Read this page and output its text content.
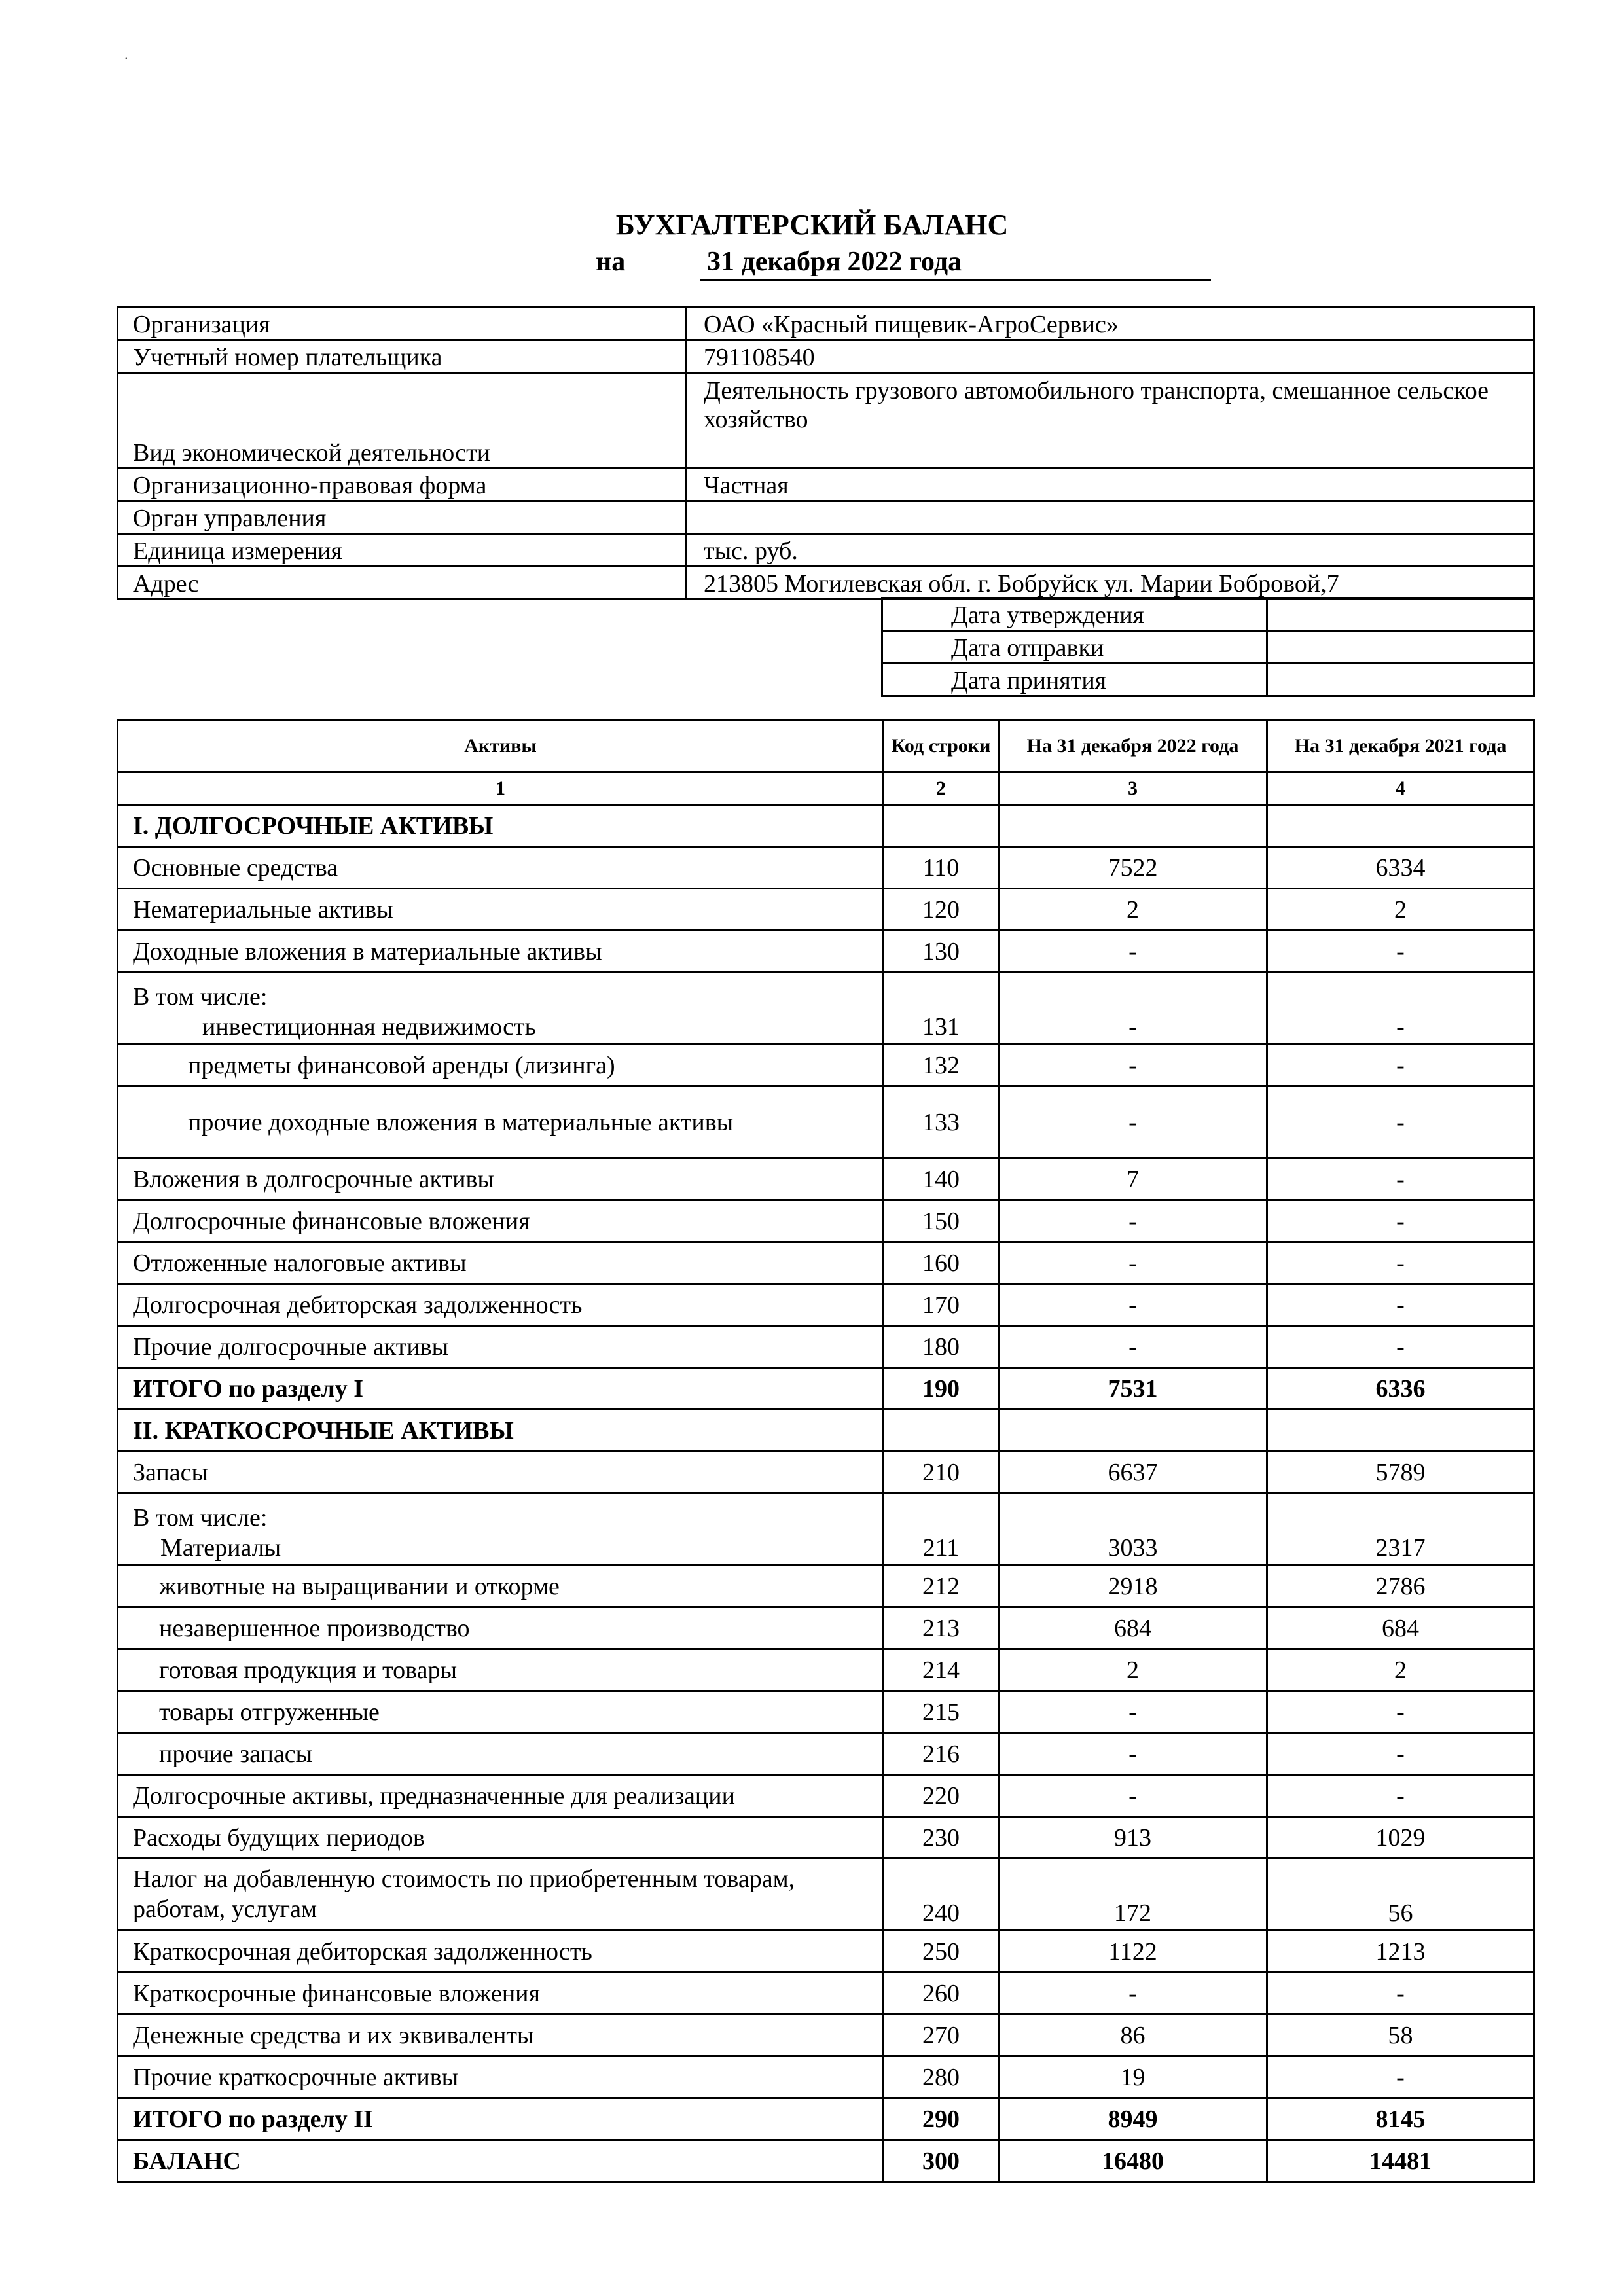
.
БУХГАЛТЕРСКИЙ БАЛАНС
на	31 декабря 2022 года
Организация	ОАО «Красный пищевик-АгроСервис»
Учетный номер плательщика	791108540
Вид экономической деятельности	Деятельность грузового автомобильного транспорта, смешанное сельское хозяйство
Организационно-правовая форма	Частная
Орган управления	
Единица измерения	тыс. руб.
Адрес	213805 Могилевская обл. г. Бобруйск ул. Марии Бобровой,7
Дата утверждения	
Дата отправки	
Дата принятия	
Активы	Код строки	На 31 декабря 2022 года	На 31 декабря 2021 года
1	2	3	4
I. ДОЛГОСРОЧНЫЕ АКТИВЫ			
Основные средства	110	7522	6334
Нематериальные активы	120	2	2
Доходные вложения в материальные активы	130	-	-

В том числе:
инвестиционная недвижимость	131	-	-
предметы финансовой аренды (лизинга)	132	-	-
прочие доходные вложения в материальные активы	133	-	-
Вложения в долгосрочные активы	140	7	-
Долгосрочные финансовые вложения	150	-	-
Отложенные налоговые активы	160	-	-
Долгосрочная дебиторская задолженность	170	-	-
Прочие долгосрочные активы	180	-	-
ИТОГО по разделу I	190	7531	6336
II. КРАТКОСРОЧНЫЕ АКТИВЫ			
Запасы	210	6637	5789

В том числе:
Материалы	211	3033	2317
животные на выращивании и откорме	212	2918	2786
незавершенное производство	213	684	684
готовая продукция и товары	214	2	2
товары отгруженные	215	-	-
прочие запасы	216	-	-
Долгосрочные активы, предназначенные для реализации	220	-	-
Расходы будущих периодов	230	913	1029
Налог на добавленную стоимость по приобретенным товарам, работам, услугам	240	172	56
Краткосрочная дебиторская задолженность	250	1122	1213
Краткосрочные финансовые вложения	260	-	-
Денежные средства и их эквиваленты	270	86	58
Прочие краткосрочные активы	280	19	-
ИТОГО по разделу II	290	8949	8145
БАЛАНС	300	16480	14481
